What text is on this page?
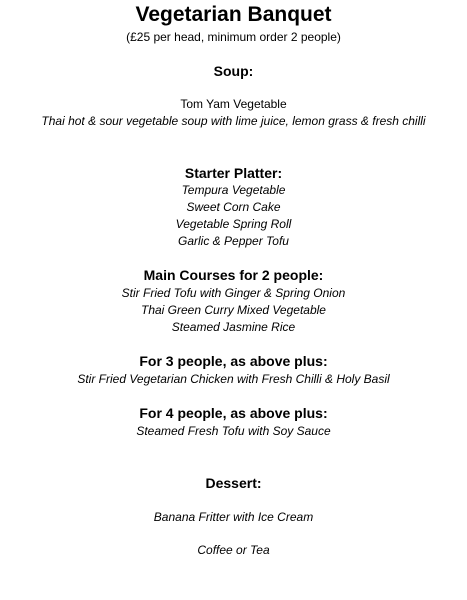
Vegetarian Banquet
(£25 per head, minimum order 2 people)
Soup:
Tom Yam Vegetable
Thai hot & sour vegetable soup with lime juice, lemon grass & fresh chilli
Starter Platter:
Tempura Vegetable
Sweet Corn Cake
Vegetable Spring Roll
Garlic & Pepper Tofu
Main Courses for 2 people:
Stir Fried Tofu with Ginger & Spring Onion
Thai Green Curry Mixed Vegetable
Steamed Jasmine Rice
For 3 people, as above plus:
Stir Fried Vegetarian Chicken with Fresh Chilli & Holy Basil
For 4 people, as above plus:
Steamed Fresh Tofu with Soy Sauce
Dessert:
Banana Fritter with Ice Cream
Coffee or Tea
